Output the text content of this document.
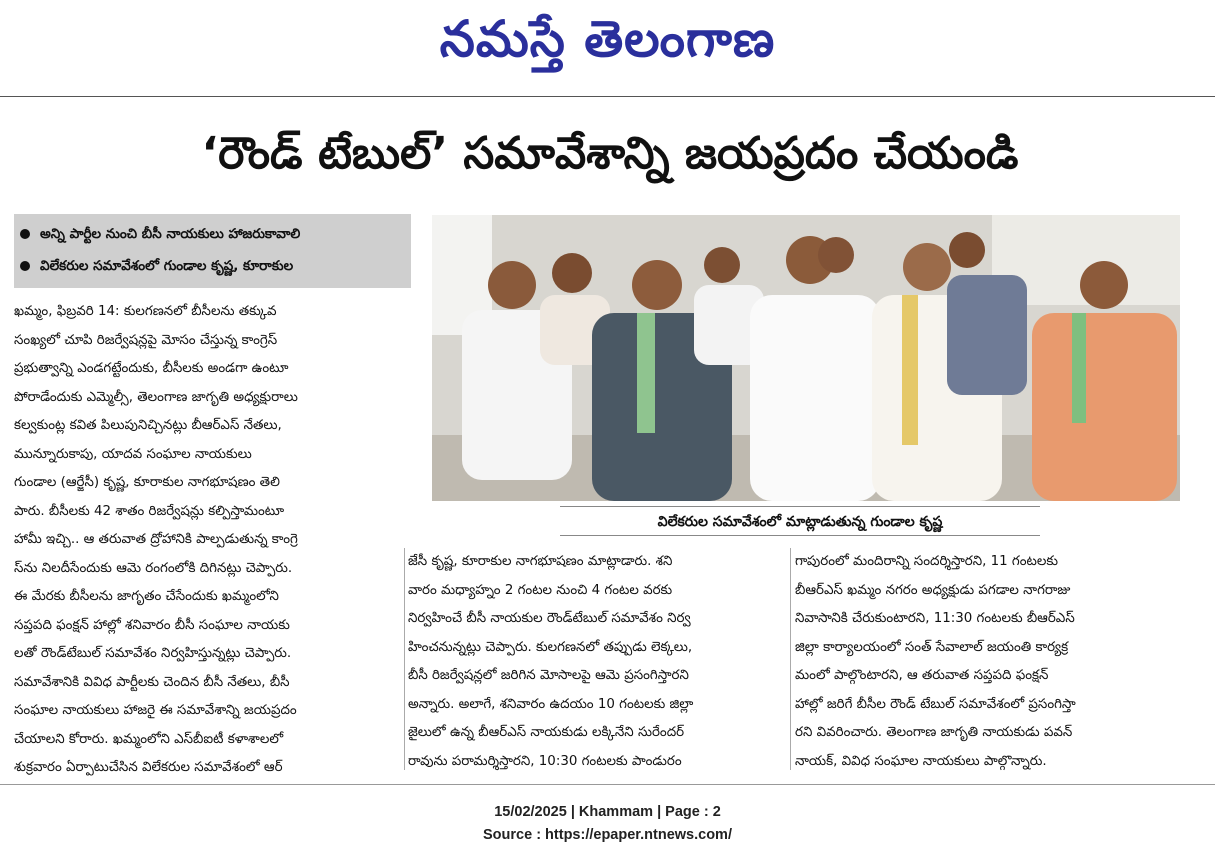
నమస్తే తెలంగాణ
‘రౌండ్ టేబుల్’ సమావేశాన్ని జయప్రదం చేయండి
అన్ని పార్టీల నుంచి బీసీ నాయకులు హాజరుకావాలి
విలేకరుల సమావేశంలో గుండాల కృష్ణ, కూరాకుల
విలేకరుల సమావేశంలో మాట్లాడుతున్న గుండాల కృష్ణ

ఖమ్మం, ఫిబ్రవరి 14: కులగణనలో బీసీలను తక్కువ

సంఖ్యలో చూపి రిజర్వేషన్లపై మోసం చేస్తున్న కాంగ్రెస్

ప్రభుత్వాన్ని ఎండగట్టేందుకు, బీసీలకు అండగా ఉంటూ

పోరాడేందుకు ఎమ్మెల్సీ, తెలంగాణ జాగృతి అధ్యక్షురాలు

కల్వకుంట్ల కవిత పిలుపునిచ్చినట్లు బీఆర్ఎస్ నేతలు,

మున్నూరుకాపు, యాదవ సంఘాల నాయకులు

గుండాల (ఆర్జేసీ) కృష్ణ, కూరాకుల నాగభూషణం తెలి

పారు. బీసీలకు 42 శాతం రిజర్వేషన్లు కల్పిస్తామంటూ

హామీ ఇచ్చి.. ఆ తరువాత ద్రోహానికి పాల్పడుతున్న కాంగ్రె

స్‌ను నిలదీసేందుకు ఆమె రంగంలోకి దిగినట్లు చెప్పారు.

ఈ మేరకు బీసీలను జాగృతం చేసేందుకు ఖమ్మంలోని

సప్తపది ఫంక్షన్ హాల్లో శనివారం బీసీ సంఘాల నాయకు

లతో రౌండ్‌టేబుల్ సమావేశం నిర్వహిస్తున్నట్లు చెప్పారు.

సమావేశానికి వివిధ పార్టీలకు చెందిన బీసీ నేతలు, బీసీ

సంఘాల నాయకులు హాజరై ఈ సమావేశాన్ని జయప్రదం

చేయాలని కోరారు. ఖమ్మంలోని ఎస్‌బీఐటీ కళాశాలలో

శుక్రవారం ఏర్పాటుచేసిన విలేకరుల సమావేశంలో ఆర్

జేసీ కృష్ణ, కూరాకుల నాగభూషణం మాట్లాడారు. శని

వారం మధ్యాహ్నం 2 గంటల నుంచి 4 గంటల వరకు

నిర్వహించే బీసీ నాయకుల రౌండ్‌టేబుల్ సమావేశం నిర్వ

హించనున్నట్లు చెప్పారు. కులగణనలో తప్పుడు లెక్కలు,

బీసీ రిజర్వేషన్లలో జరిగిన మోసాలపై ఆమె ప్రసంగిస్తారని

అన్నారు. అలాగే, శనివారం ఉదయం 10 గంటలకు జిల్లా

జైలులో ఉన్న బీఆర్ఎస్ నాయకుడు లక్కినేని సురేందర్

రావును పరామర్శిస్తారని, 10:30 గంటలకు పాండురం

గాపురంలో మందిరాన్ని సందర్శిస్తారని, 11 గంటలకు

బీఆర్ఎస్ ఖమ్మం నగరం అధ్యక్షుడు పగడాల నాగరాజు

నివాసానికి చేరుకుంటారని, 11:30 గంటలకు బీఆర్ఎస్

జిల్లా కార్యాలయంలో సంత్ సేవాలాల్ జయంతి కార్యక్ర

మంలో పాల్గొంటారని, ఆ తరువాత సప్తపది ఫంక్షన్

హాల్లో జరిగే బీసీల రౌండ్ టేబుల్ సమావేశంలో ప్రసంగిస్తా

రని వివరించారు. తెలంగాణ జాగృతి నాయకుడు పవన్

నాయక్, వివిధ సంఘాల నాయకులు పాల్గొన్నారు.

15/02/2025 | Khammam | Page : 2
Source : https://epaper.ntnews.com/
